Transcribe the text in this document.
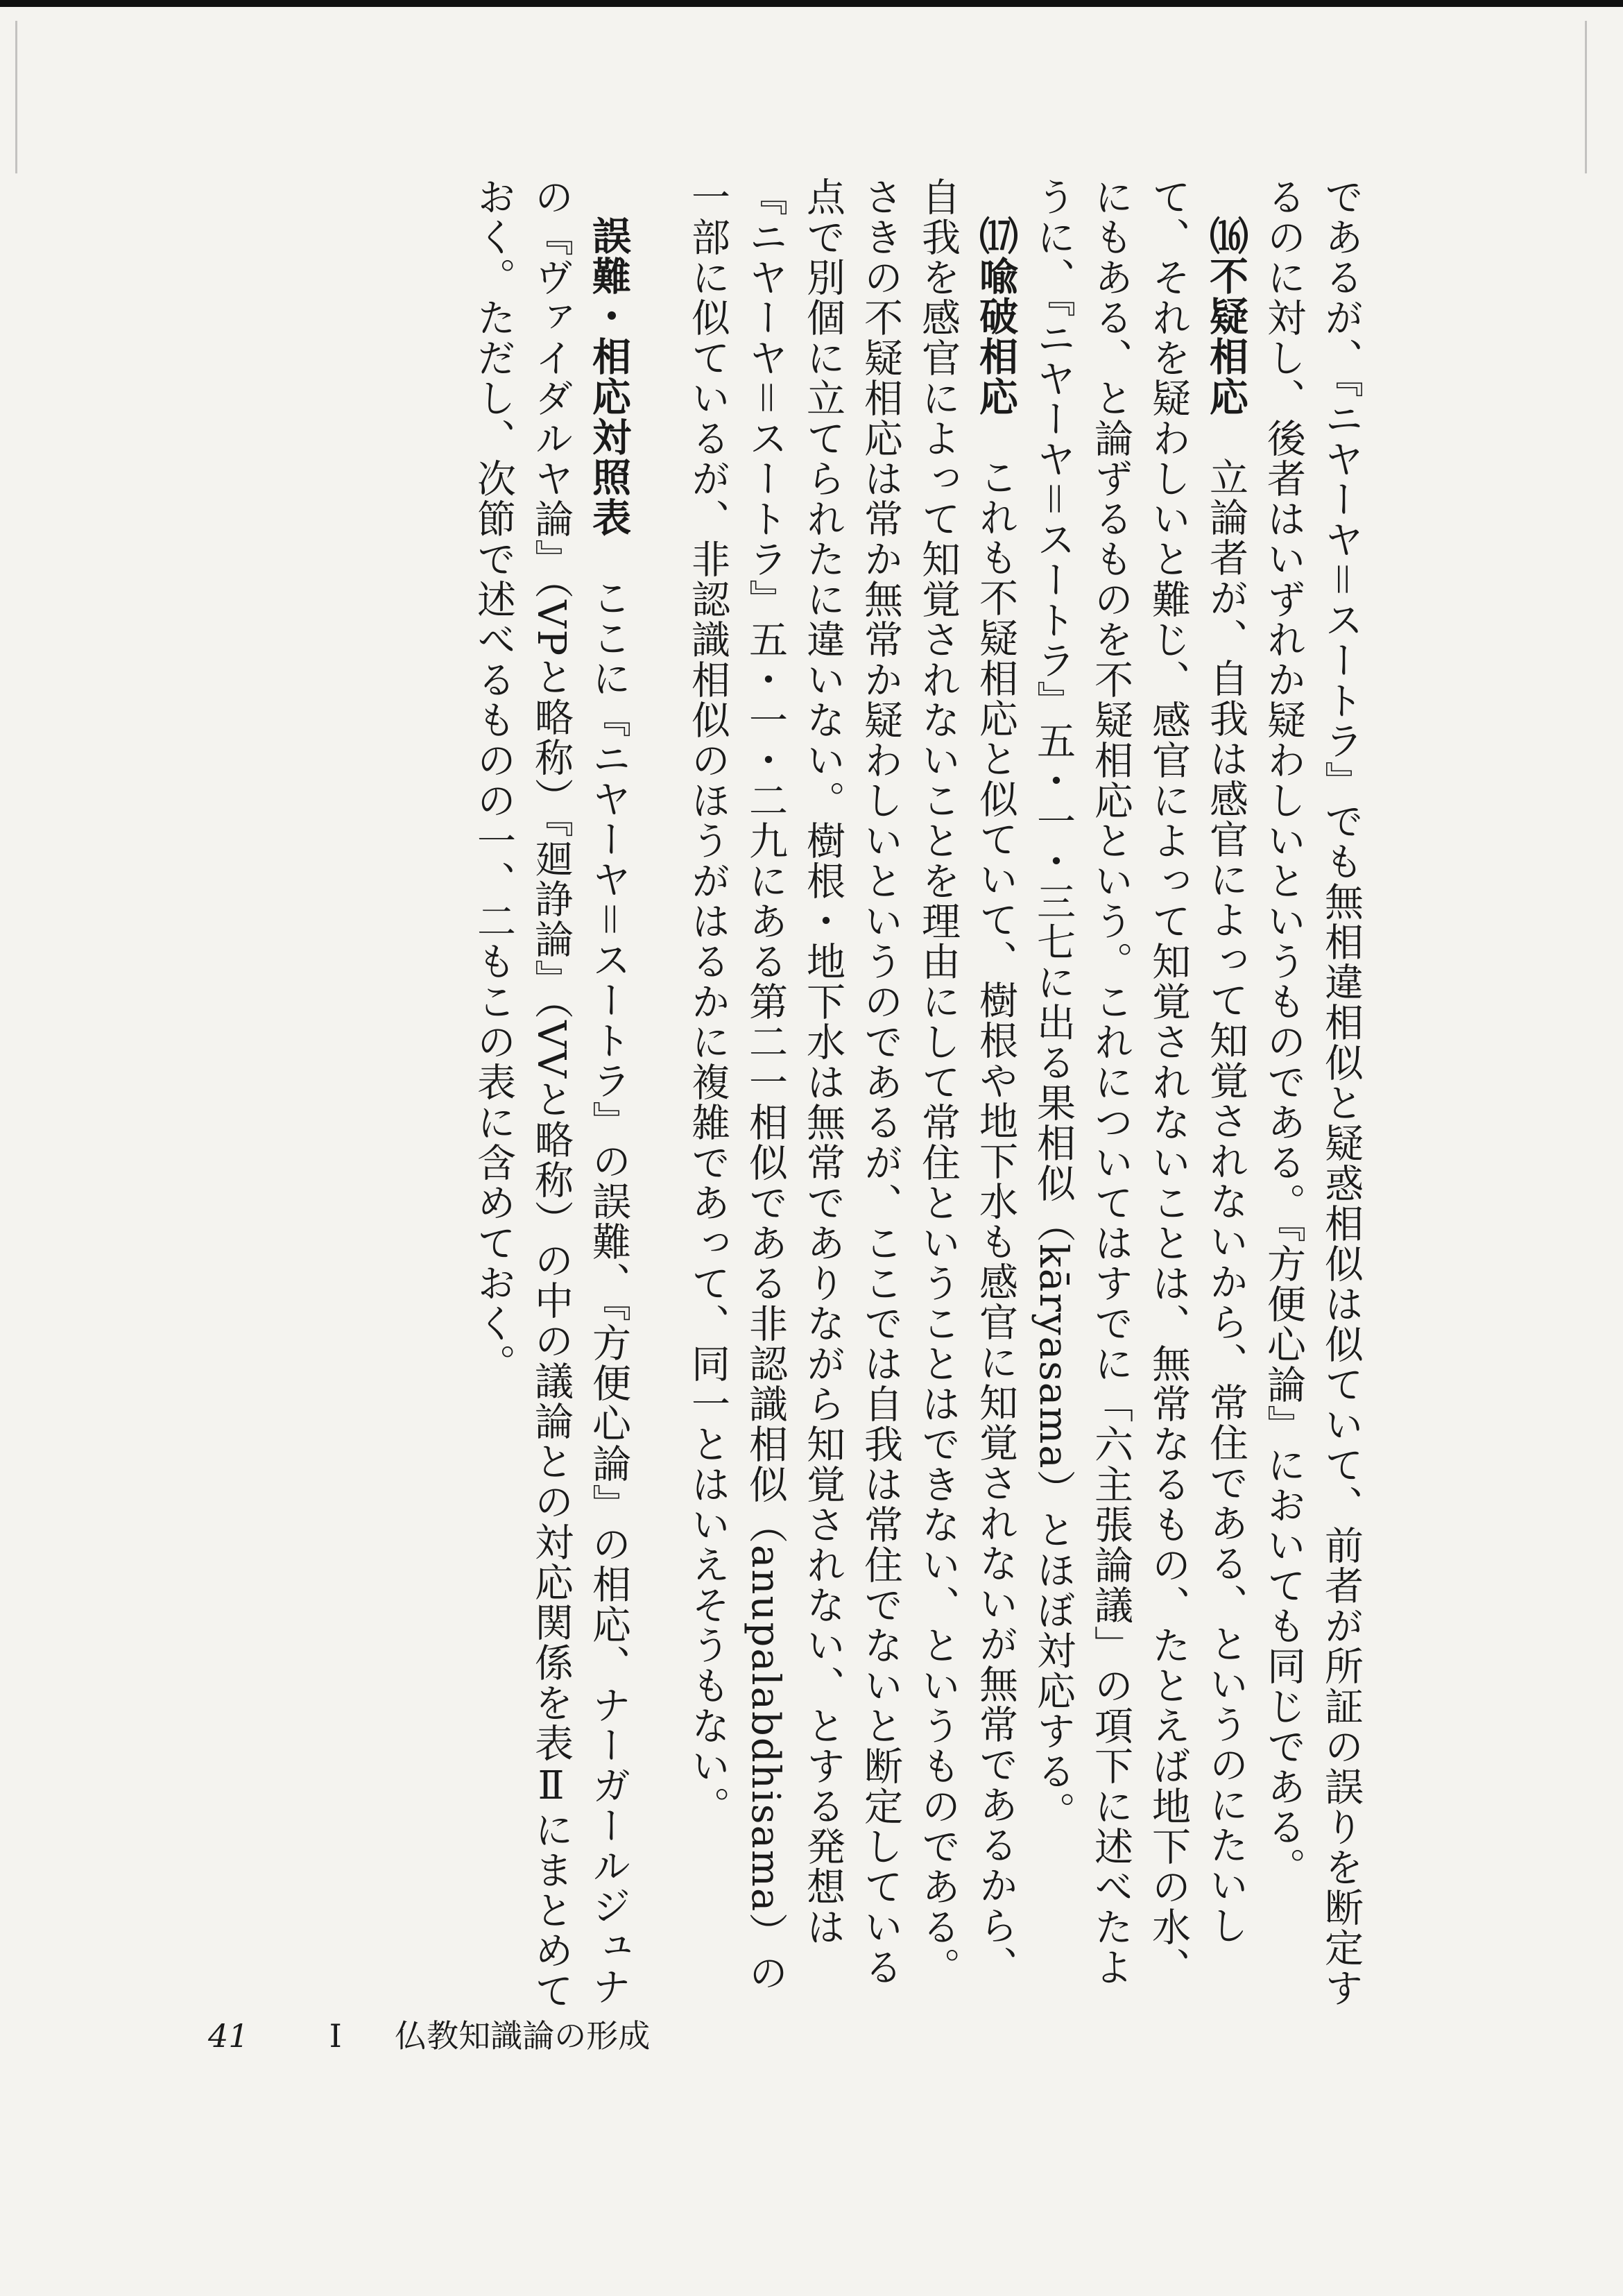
であるが、『ニヤーヤ＝スートラ』でも無相違相似と疑惑相似は似ていて、前者が所証の誤りを断定するのに対し、後者はいずれか疑わしいというものである。『方便心論』においても同じである。

⒃不疑相応　立論者が、自我は感官によって知覚されないから、常住である、というのにたいして、それを疑わしいと難じ、感官によって知覚されないことは、無常なるもの、たとえば地下の水、にもある、と論ずるものを不疑相応という。これについてはすでに「六主張論議」の項下に述べたように、『ニヤーヤ＝スートラ』五・一・三七に出る果相似（kāryasama）とほぼ対応する。

⒄喩破相応　これも不疑相応と似ていて、樹根や地下水も感官に知覚されないが無常であるから、自我を感官によって知覚されないことを理由にして常住ということはできない、というものである。さきの不疑相応は常か無常か疑わしいというのであるが、ここでは自我は常住でないと断定している点で別個に立てられたに違いない。樹根・地下水は無常でありながら知覚されない、とする発想は『ニヤーヤ＝スートラ』五・一・二九にある第二一相似である非認識相似（anupalabdhisama）の一部に似ているが、非認識相似のほうがはるかに複雑であって、同一とはいえそうもない。

誤難・相応対照表　ここに『ニヤーヤ＝スートラ』の誤難、『方便心論』の相応、ナーガールジュナの『ヴァイダルヤ論』（VPと略称）『廻諍論』（VVと略称）の中の議論との対応関係を表Ⅱにまとめておく。ただし、次節で述べるものの一、二もこの表に含めておく。

41	I 仏教知識論の形成
